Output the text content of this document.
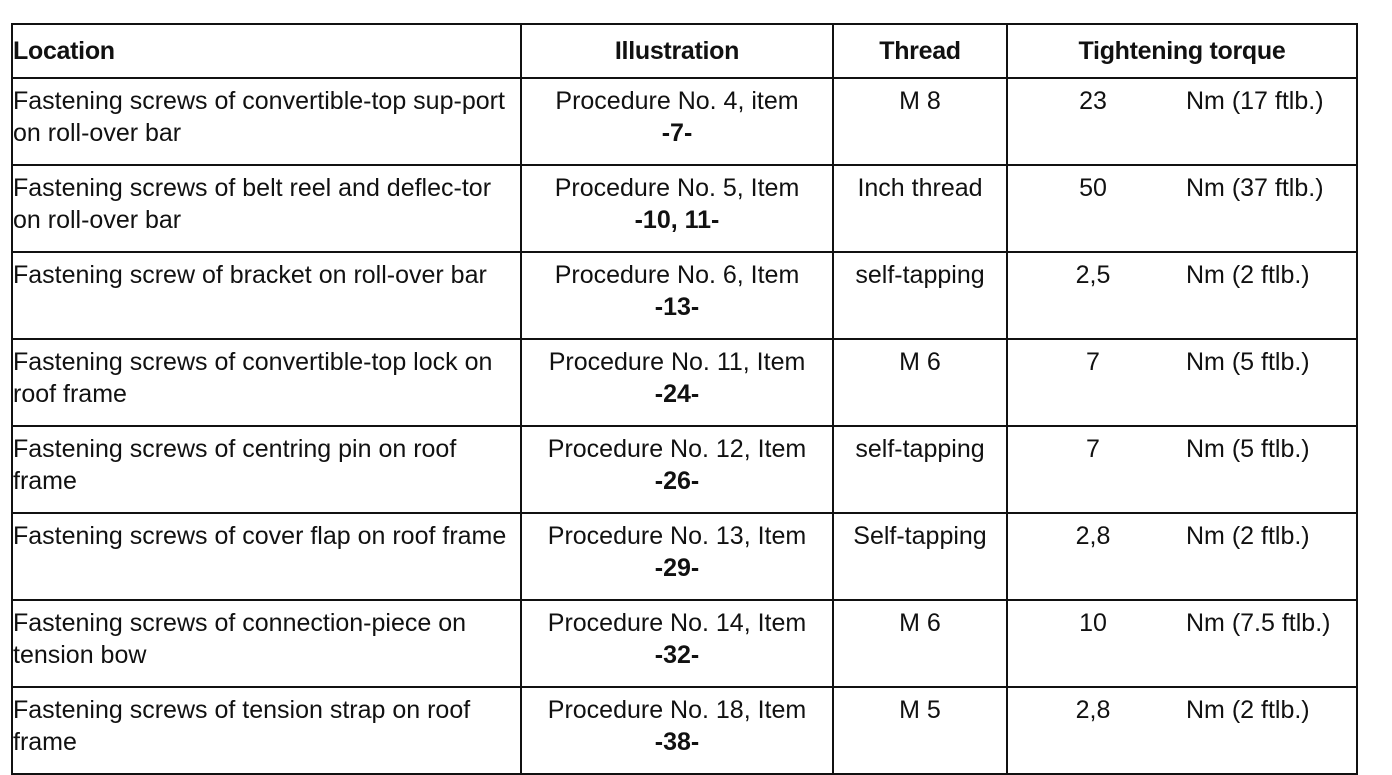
Location	Illustration	Thread	Tightening torque
Fastening screws of convertible-top sup-port on roll-over bar	Procedure No. 4, item
-7-	M 8	23 Nm (17 ftlb.)

Fastening screws of belt reel and deflec-tor on roll-over bar	Procedure No. 5, Item
-10, 11-	Inch thread	50 Nm (37 ftlb.)

Fastening screw of bracket on roll-over bar	Procedure No. 6, Item
-13-	self-tapping	2,5 Nm (2 ftlb.)

Fastening screws of convertible-top lock on roof frame	Procedure No. 11, Item
-24-	M 6	7 Nm (5 ftlb.)

Fastening screws of centring pin on roof frame	Procedure No. 12, Item
-26-	self-tapping	7 Nm (5 ftlb.)

Fastening screws of cover flap on roof frame	Procedure No. 13, Item
-29-	Self-tapping	2,8 Nm (2 ftlb.)

Fastening screws of connection-piece on tension bow	Procedure No. 14, Item
-32-	M 6	10 Nm (7.5 ftlb.)

Fastening screws of tension strap on roof frame	Procedure No. 18, Item
-38-	M 5	2,8 Nm (2 ftlb.)
